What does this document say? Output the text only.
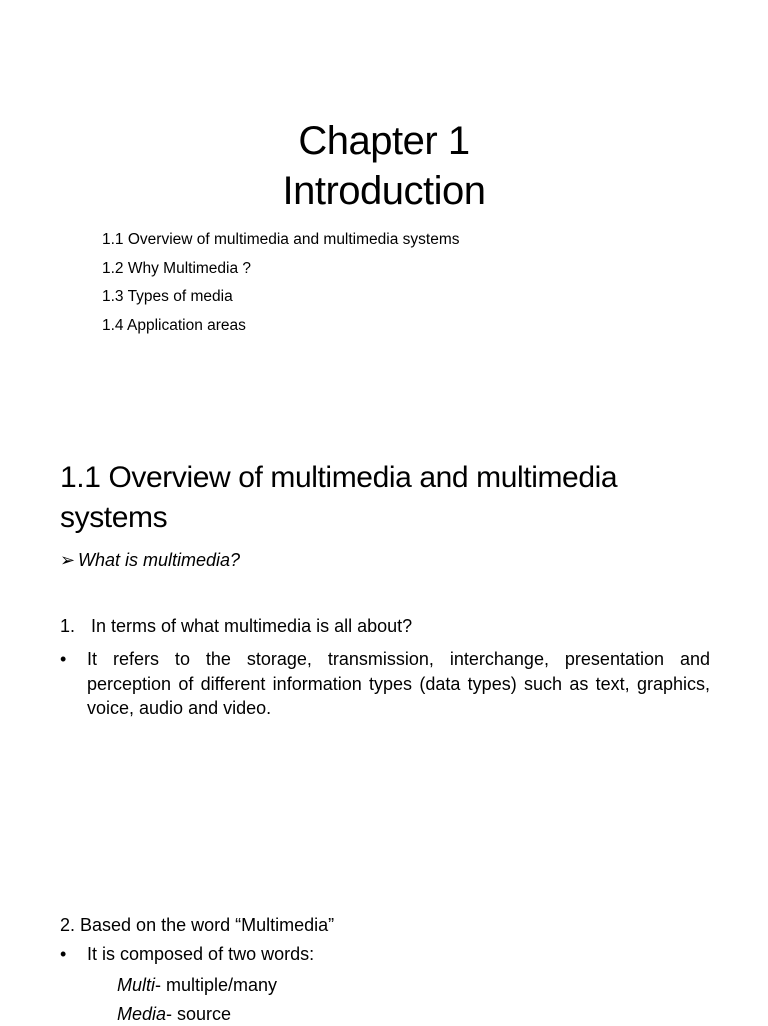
Chapter 1
Introduction
1.1 Overview of multimedia and multimedia systems
1.2 Why Multimedia ?
1.3 Types of media
1.4 Application areas
1.1 Overview of multimedia and multimedia systems
➢ What is multimedia?
1. In terms of what multimedia is all about?
• It refers to the storage, transmission, interchange, presentation and perception of different information types (data types) such as text, graphics, voice, audio and video.
2. Based on the word “Multimedia”
• It is composed of two words:
Multi- multiple/many
Media- source
